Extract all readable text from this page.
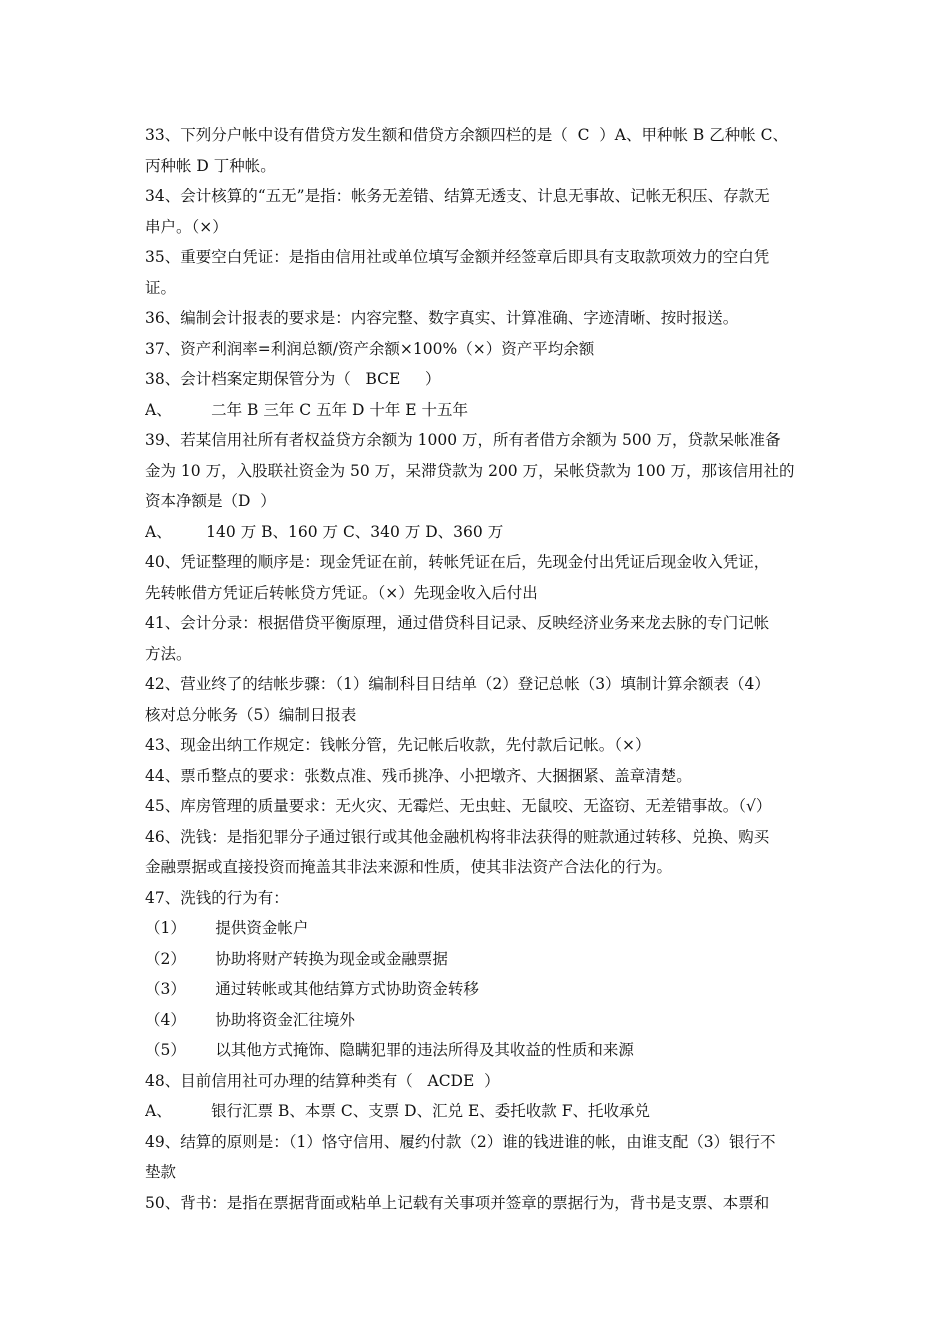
33、下列分户帐中设有借贷方发生额和借贷方余额四栏的是（  C  ）A、甲种帐 B 乙种帐 C、
丙种帐 D 丁种帐。
34、会计核算的“五无”是指：帐务无差错、结算无透支、计息无事故、记帐无积压、存款无
串户。（×）
35、重要空白凭证：是指由信用社或单位填写金额并经签章后即具有支取款项效力的空白凭
证。
36、编制会计报表的要求是：内容完整、数字真实、计算准确、字迹清晰、按时报送。
37、资产利润率=利润总额/资产余额×100%（×）资产平均余额
38、会计档案定期保管分为（   BCE     ）
A、        二年 B 三年 C 五年 D 十年 E 十五年
39、若某信用社所有者权益贷方余额为 1000 万，所有者借方余额为 500 万，贷款呆帐准备
金为 10 万，入股联社资金为 50 万，呆滞贷款为 200 万，呆帐贷款为 100 万，那该信用社的
资本净额是（D  ）
A、       140 万 B、160 万 C、340 万 D、360 万
40、凭证整理的顺序是：现金凭证在前，转帐凭证在后，先现金付出凭证后现金收入凭证，
先转帐借方凭证后转帐贷方凭证。（×）先现金收入后付出
41、会计分录：根据借贷平衡原理，通过借贷科目记录、反映经济业务来龙去脉的专门记帐
方法。
42、营业终了的结帐步骤：（1）编制科目日结单（2）登记总帐（3）填制计算余额表（4）
核对总分帐务（5）编制日报表
43、现金出纳工作规定：钱帐分管，先记帐后收款，先付款后记帐。（×）
44、票币整点的要求：张数点准、残币挑净、小把墩齐、大捆捆紧、盖章清楚。
45、库房管理的质量要求：无火灾、无霉烂、无虫蛀、无鼠咬、无盗窃、无差错事故。（√）
46、洗钱：是指犯罪分子通过银行或其他金融机构将非法获得的赃款通过转移、兑换、购买
金融票据或直接投资而掩盖其非法来源和性质，使其非法资产合法化的行为。
47、洗钱的行为有：
（1）      提供资金帐户
（2）      协助将财产转换为现金或金融票据
（3）      通过转帐或其他结算方式协助资金转移
（4）      协助将资金汇往境外
（5）      以其他方式掩饰、隐瞒犯罪的违法所得及其收益的性质和来源
48、目前信用社可办理的结算种类有（   ACDE  ）
A、        银行汇票 B、本票 C、支票 D、汇兑 E、委托收款 F、托收承兑
49、结算的原则是：（1）恪守信用、履约付款（2）谁的钱进谁的帐，由谁支配（3）银行不
垫款
50、背书：是指在票据背面或粘单上记载有关事项并签章的票据行为，背书是支票、本票和
